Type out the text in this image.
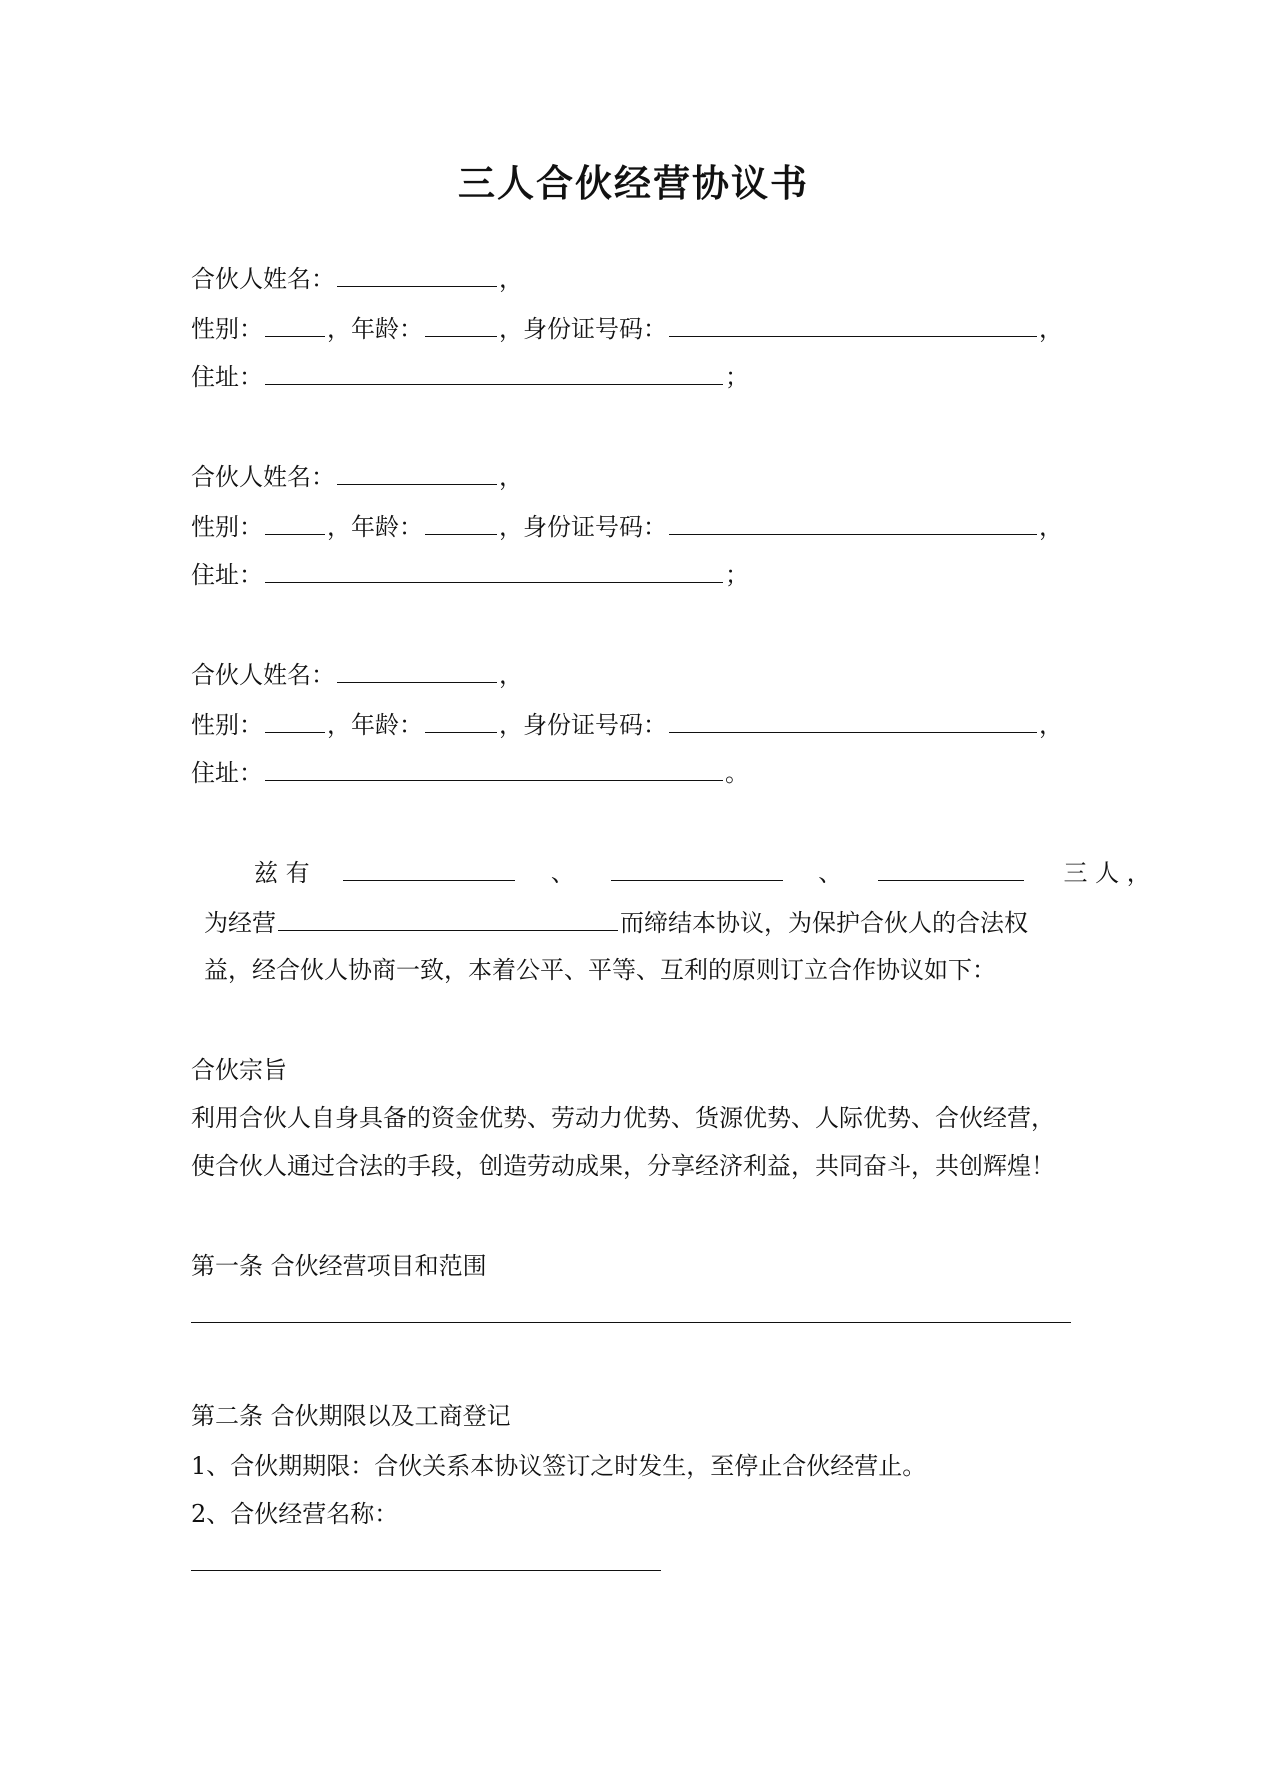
三人合伙经营协议书
合伙人姓名：	，
性别：	，年龄：	，身份证号码：	，
住址：	；
合伙人姓名：	，
性别：	，年龄：	，身份证号码：	，
住址：	；
合伙人姓名：	，
性别：	，年龄：	，身份证号码：	，
住址：	。
兹 有	、	、	三 人 ，
为经营	而缔结本协议，为保护合伙人的合法权
益，经合伙人协商一致，本着公平、平等、互利的原则订立合作协议如下：
合伙宗旨
利用合伙人自身具备的资金优势、劳动力优势、货源优势、人际优势、合伙经营，
使合伙人通过合法的手段，创造劳动成果，分享经济利益，共同奋斗，共创辉煌！
第一条 合伙经营项目和范围
第二条 合伙期限以及工商登记
1、合伙期期限：合伙关系本协议签订之时发生，至停止合伙经营止。
2、合伙经营名称：
